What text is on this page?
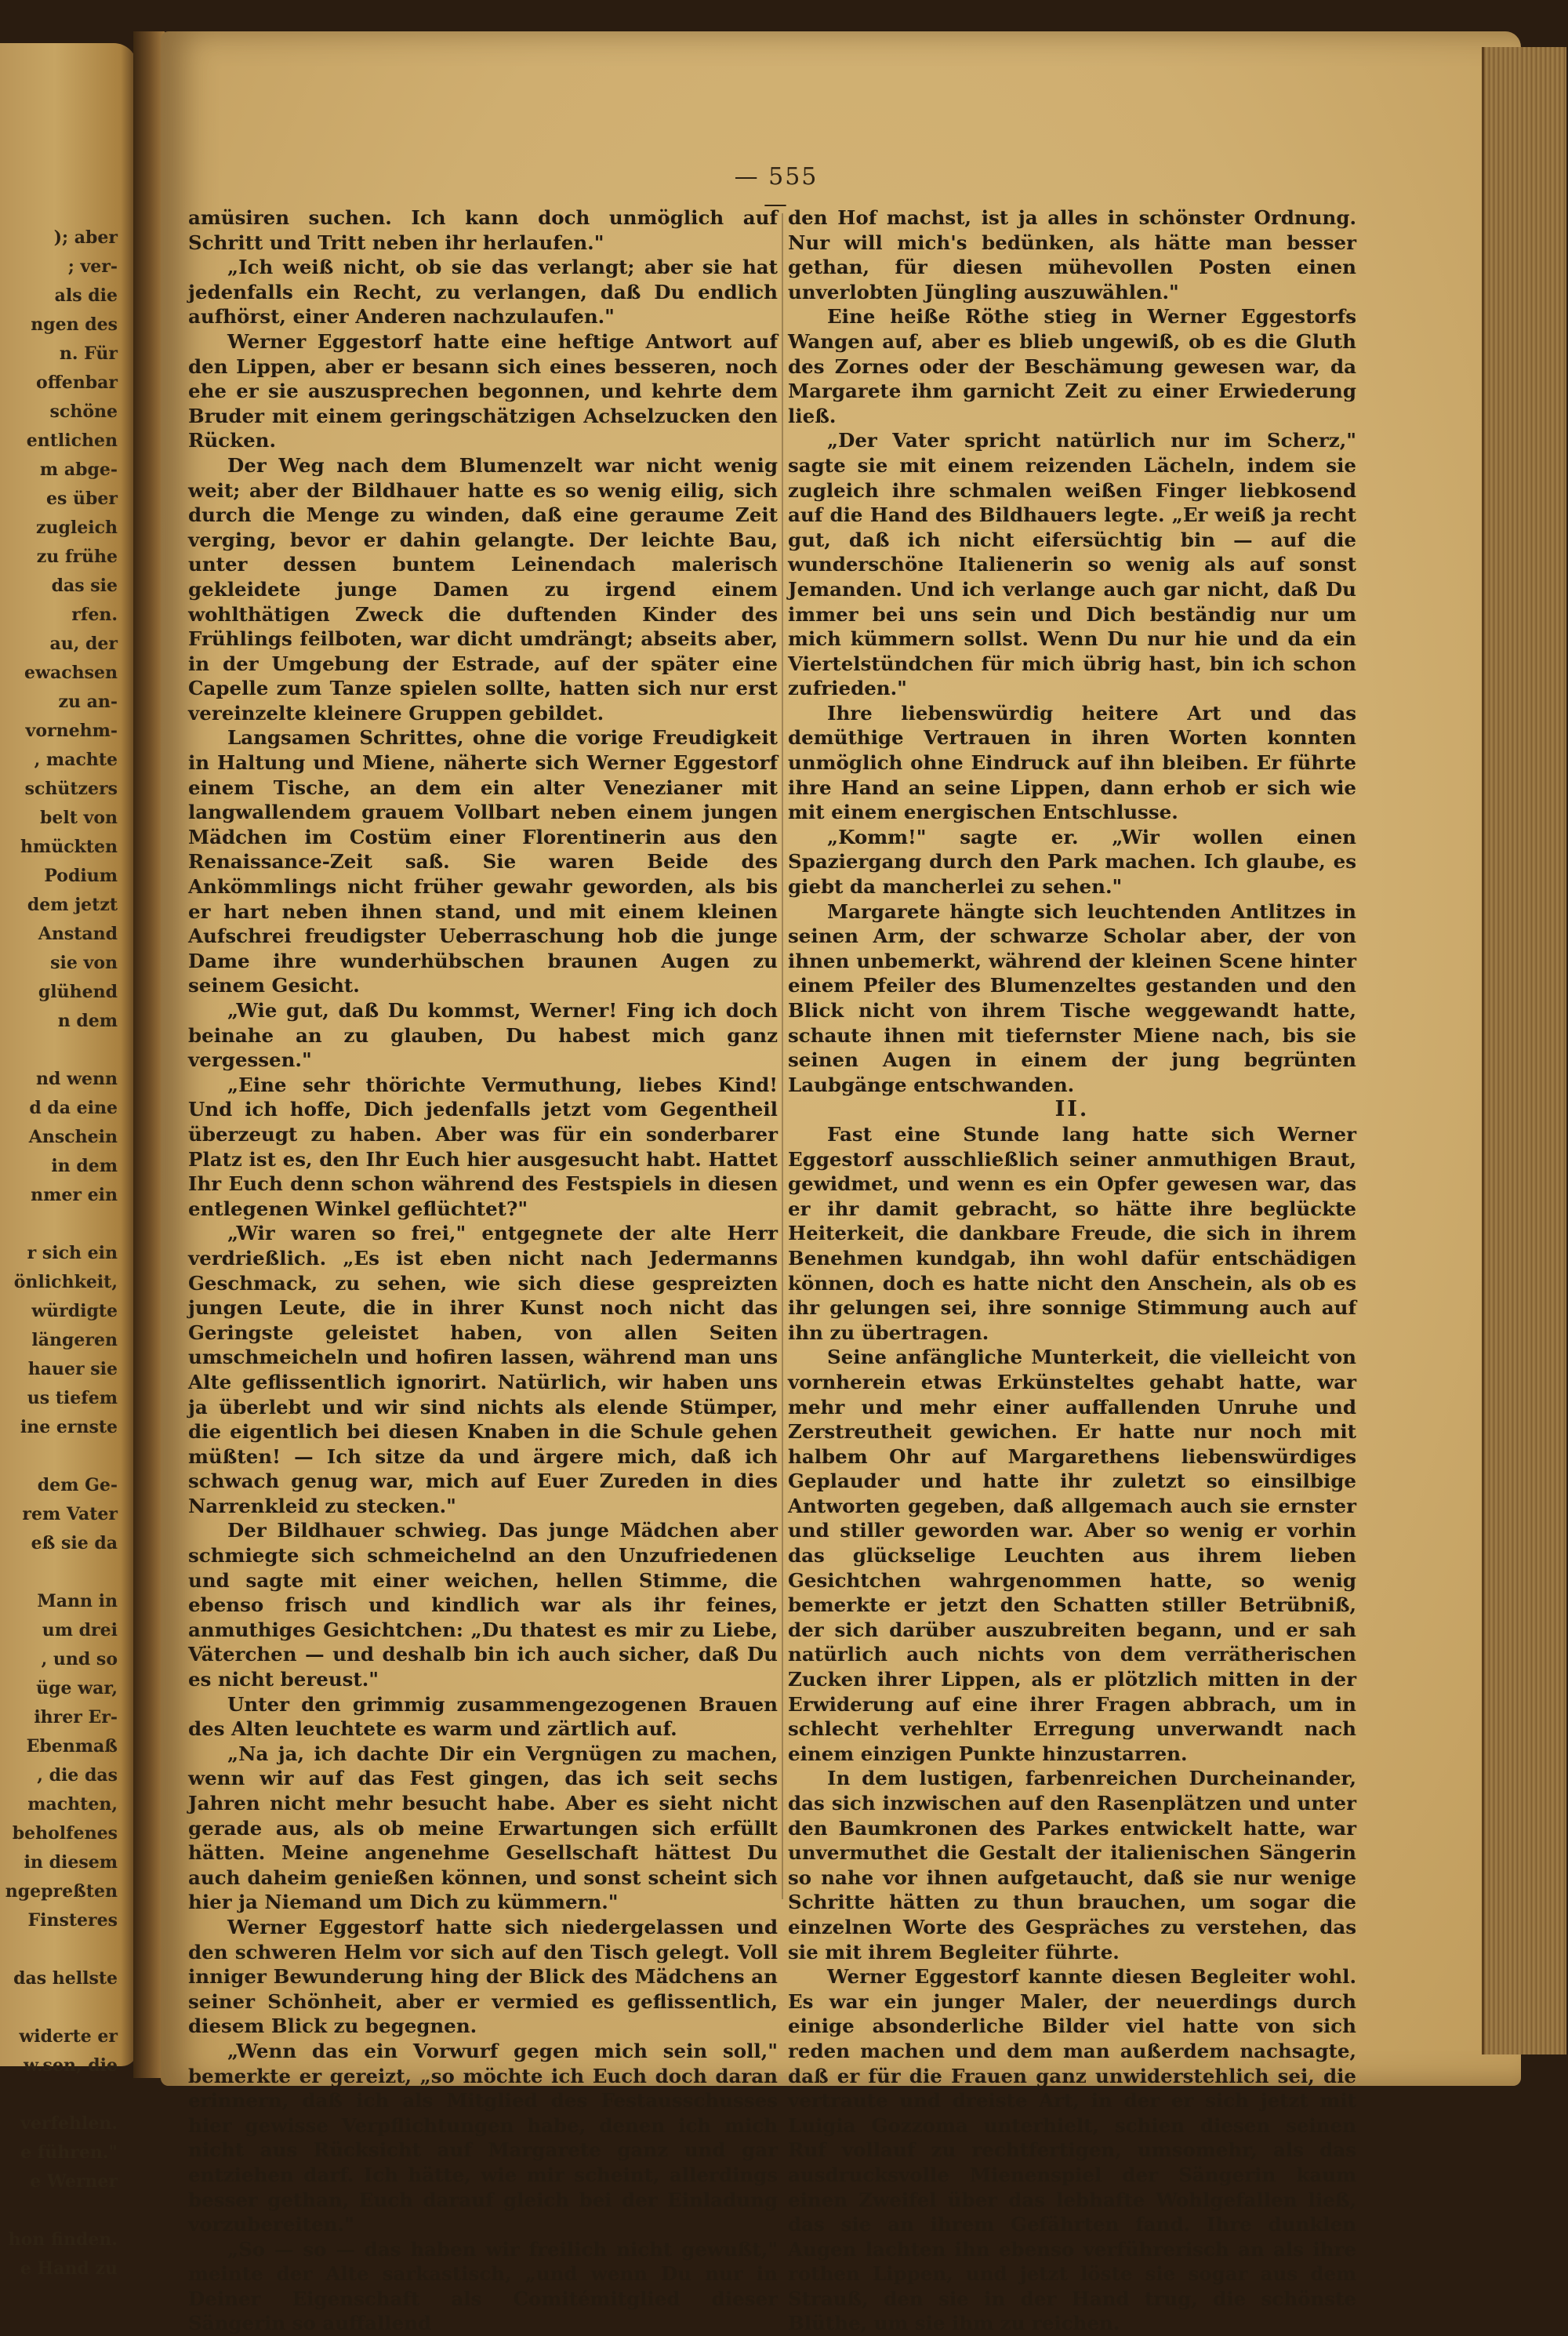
); aber
; ver-
als die
ngen des
n. Für
offenbar
schöne
entlichen
m abge-
es über
zugleich
zu frühe
das sie
rfen.
au, der
ewachsen
zu an-
vornehm-
, machte
schützers
belt von
hmückten
Podium
dem jetzt
Anstand
sie von
glühend
n dem

nd wenn
d da eine
Anschein
in dem
nmer ein

r sich ein
önlichkeit,
würdigte
längeren
hauer sie
us tiefem
ine ernste

dem Ge-
rem Vater
eß sie da

Mann in
um drei
, und so
üge war,
ihrer Er-
Ebenmaß
, die das
machten,
beholfenes
in diesem
ngepreßten
Finsteres

das hellste

widerte er
w.sen, die

verfehlen.
e führen."
e Werner

hon finden.
e Hand zu
— 555 —

amüsiren suchen. Ich kann doch unmöglich auf Schritt und Tritt neben ihr herlaufen."

„Ich weiß nicht, ob sie das verlangt; aber sie hat jedenfalls ein Recht, zu verlangen, daß Du endlich aufhörst, einer Anderen nachzulaufen."

Werner Eggestorf hatte eine heftige Antwort auf den Lippen, aber er besann sich eines besseren, noch ehe er sie auszusprechen begonnen, und kehrte dem Bruder mit einem geringschätzigen Achselzucken den Rücken.

Der Weg nach dem Blumenzelt war nicht wenig weit; aber der Bildhauer hatte es so wenig eilig, sich durch die Menge zu winden, daß eine geraume Zeit verging, bevor er dahin gelangte. Der leichte Bau, unter dessen buntem Leinendach malerisch gekleidete junge Damen zu irgend einem wohlthätigen Zweck die duftenden Kinder des Frühlings feilboten, war dicht umdrängt; abseits aber, in der Umgebung der Estrade, auf der später eine Capelle zum Tanze spielen sollte, hatten sich nur erst vereinzelte kleinere Gruppen gebildet.

Langsamen Schrittes, ohne die vorige Freudigkeit in Haltung und Miene, näherte sich Werner Eggestorf einem Tische, an dem ein alter Venezianer mit langwallendem grauem Vollbart neben einem jungen Mädchen im Costüm einer Florentinerin aus den Renaissance-Zeit saß. Sie waren Beide des Ankömmlings nicht früher gewahr geworden, als bis er hart neben ihnen stand, und mit einem kleinen Aufschrei freudigster Ueberraschung hob die junge Dame ihre wunderhübschen braunen Augen zu seinem Gesicht.

„Wie gut, daß Du kommst, Werner! Fing ich doch beinahe an zu glauben, Du habest mich ganz vergessen."

„Eine sehr thörichte Vermuthung, liebes Kind! Und ich hoffe, Dich jedenfalls jetzt vom Gegentheil überzeugt zu haben. Aber was für ein sonderbarer Platz ist es, den Ihr Euch hier ausgesucht habt. Hattet Ihr Euch denn schon während des Festspiels in diesen entlegenen Winkel geflüchtet?"

„Wir waren so frei," entgegnete der alte Herr verdrießlich. „Es ist eben nicht nach Jedermanns Geschmack, zu sehen, wie sich diese gespreizten jungen Leute, die in ihrer Kunst noch nicht das Geringste geleistet haben, von allen Seiten umschmeicheln und hofiren lassen, während man uns Alte geflissentlich ignorirt. Natürlich, wir haben uns ja überlebt und wir sind nichts als elende Stümper, die eigentlich bei diesen Knaben in die Schule gehen müßten! — Ich sitze da und ärgere mich, daß ich schwach genug war, mich auf Euer Zureden in dies Narrenkleid zu stecken."

Der Bildhauer schwieg. Das junge Mädchen aber schmiegte sich schmeichelnd an den Unzufriedenen und sagte mit einer weichen, hellen Stimme, die ebenso frisch und kindlich war als ihr feines, anmuthiges Gesichtchen: „Du thatest es mir zu Liebe, Väterchen — und deshalb bin ich auch sicher, daß Du es nicht bereust."

Unter den grimmig zusammengezogenen Brauen des Alten leuchtete es warm und zärtlich auf.

„Na ja, ich dachte Dir ein Vergnügen zu machen, wenn wir auf das Fest gingen, das ich seit sechs Jahren nicht mehr besucht habe. Aber es sieht nicht gerade aus, als ob meine Erwartungen sich erfüllt hätten. Meine angenehme Gesellschaft hättest Du auch daheim genießen können, und sonst scheint sich hier ja Niemand um Dich zu kümmern."

Werner Eggestorf hatte sich niedergelassen und den schweren Helm vor sich auf den Tisch gelegt. Voll inniger Bewunderung hing der Blick des Mädchens an seiner Schönheit, aber er vermied es geflissentlich, diesem Blick zu begegnen.

„Wenn das ein Vorwurf gegen mich sein soll," bemerkte er gereizt, „so möchte ich Euch doch daran erinnern, daß ich als Mitglied des Festausschusses hier gewisse Verpflichtungen habe, denen ich mich nicht aus Rücksicht auf Margarete ganz und gar entziehen darf. Ich hätte, wie mir scheint, allerdings besser gethan, Euch darauf gleich bei der Einladung vorzubereiten."

„So — so — das haben wir freilich nicht gewußt," meinte der Alte sarkastisch, „und wenn Du nur in Deiner Eigenschaft als Comitémitglied dieser Sängerin so auffallend

den Hof machst, ist ja alles in schönster Ordnung. Nur will mich's bedünken, als hätte man besser gethan, für diesen mühevollen Posten einen unverlobten Jüngling auszuwählen."

Eine heiße Röthe stieg in Werner Eggestorfs Wangen auf, aber es blieb ungewiß, ob es die Gluth des Zornes oder der Beschämung gewesen war, da Margarete ihm garnicht Zeit zu einer Erwiederung ließ.

„Der Vater spricht natürlich nur im Scherz," sagte sie mit einem reizenden Lächeln, indem sie zugleich ihre schmalen weißen Finger liebkosend auf die Hand des Bildhauers legte. „Er weiß ja recht gut, daß ich nicht eifersüchtig bin — auf die wunderschöne Italienerin so wenig als auf sonst Jemanden. Und ich verlange auch gar nicht, daß Du immer bei uns sein und Dich beständig nur um mich kümmern sollst. Wenn Du nur hie und da ein Viertelstündchen für mich übrig hast, bin ich schon zufrieden."

Ihre liebenswürdig heitere Art und das demüthige Vertrauen in ihren Worten konnten unmöglich ohne Eindruck auf ihn bleiben. Er führte ihre Hand an seine Lippen, dann erhob er sich wie mit einem energischen Entschlusse.

„Komm!" sagte er. „Wir wollen einen Spaziergang durch den Park machen. Ich glaube, es giebt da mancherlei zu sehen."

Margarete hängte sich leuchtenden Antlitzes in seinen Arm, der schwarze Scholar aber, der von ihnen unbemerkt, während der kleinen Scene hinter einem Pfeiler des Blumenzeltes gestanden und den Blick nicht von ihrem Tische weggewandt hatte, schaute ihnen mit tiefernster Miene nach, bis sie seinen Augen in einem der jung begrünten Laubgänge entschwanden.

II.

Fast eine Stunde lang hatte sich Werner Eggestorf ausschließlich seiner anmuthigen Braut, gewidmet, und wenn es ein Opfer gewesen war, das er ihr damit gebracht, so hätte ihre beglückte Heiterkeit, die dankbare Freude, die sich in ihrem Benehmen kundgab, ihn wohl dafür entschädigen können, doch es hatte nicht den Anschein, als ob es ihr gelungen sei, ihre sonnige Stimmung auch auf ihn zu übertragen.

Seine anfängliche Munterkeit, die vielleicht von vornherein etwas Erkünsteltes gehabt hatte, war mehr und mehr einer auffallenden Unruhe und Zerstreutheit gewichen. Er hatte nur noch mit halbem Ohr auf Margarethens liebenswürdiges Geplauder und hatte ihr zuletzt so einsilbige Antworten gegeben, daß allgemach auch sie ernster und stiller geworden war. Aber so wenig er vorhin das glückselige Leuchten aus ihrem lieben Gesichtchen wahrgenommen hatte, so wenig bemerkte er jetzt den Schatten stiller Betrübniß, der sich darüber auszubreiten begann, und er sah natürlich auch nichts von dem verrätherischen Zucken ihrer Lippen, als er plötzlich mitten in der Erwiderung auf eine ihrer Fragen abbrach, um in schlecht verhehlter Erregung unverwandt nach einem einzigen Punkte hinzustarren.

In dem lustigen, farbenreichen Durcheinander, das sich inzwischen auf den Rasenplätzen und unter den Baumkronen des Parkes entwickelt hatte, war unvermuthet die Gestalt der italienischen Sängerin so nahe vor ihnen aufgetaucht, daß sie nur wenige Schritte hätten zu thun brauchen, um sogar die einzelnen Worte des Gespräches zu verstehen, das sie mit ihrem Begleiter führte.

Werner Eggestorf kannte diesen Begleiter wohl. Es war ein junger Maler, der neuerdings durch einige absonderliche Bilder viel hatte von sich reden machen und dem man außerdem nachsagte, daß er für die Frauen ganz unwiderstehlich sei, die vertraute und dreiste Art, in der er sich jetzt mit Luigia Gozzoma unterhielt, schien diesen seinen Ruf vollauf zu rechtfertigen, umsomehr, als das ausdrucksvolle Mienenspiel der Sängerin kaum einen Zweifel über das lebhafte Wohlgefallen ließ, das sie an ihrem Gefährten fand. Ihre dunklen Augen lachten ihn ebenso verführerisch an als ihre rothen Lippen, und jetzt löste sie sogar aus dem Strauß, den sie in der Hand trug, die schönste Blüthe, um sie ihm zu reichen.
